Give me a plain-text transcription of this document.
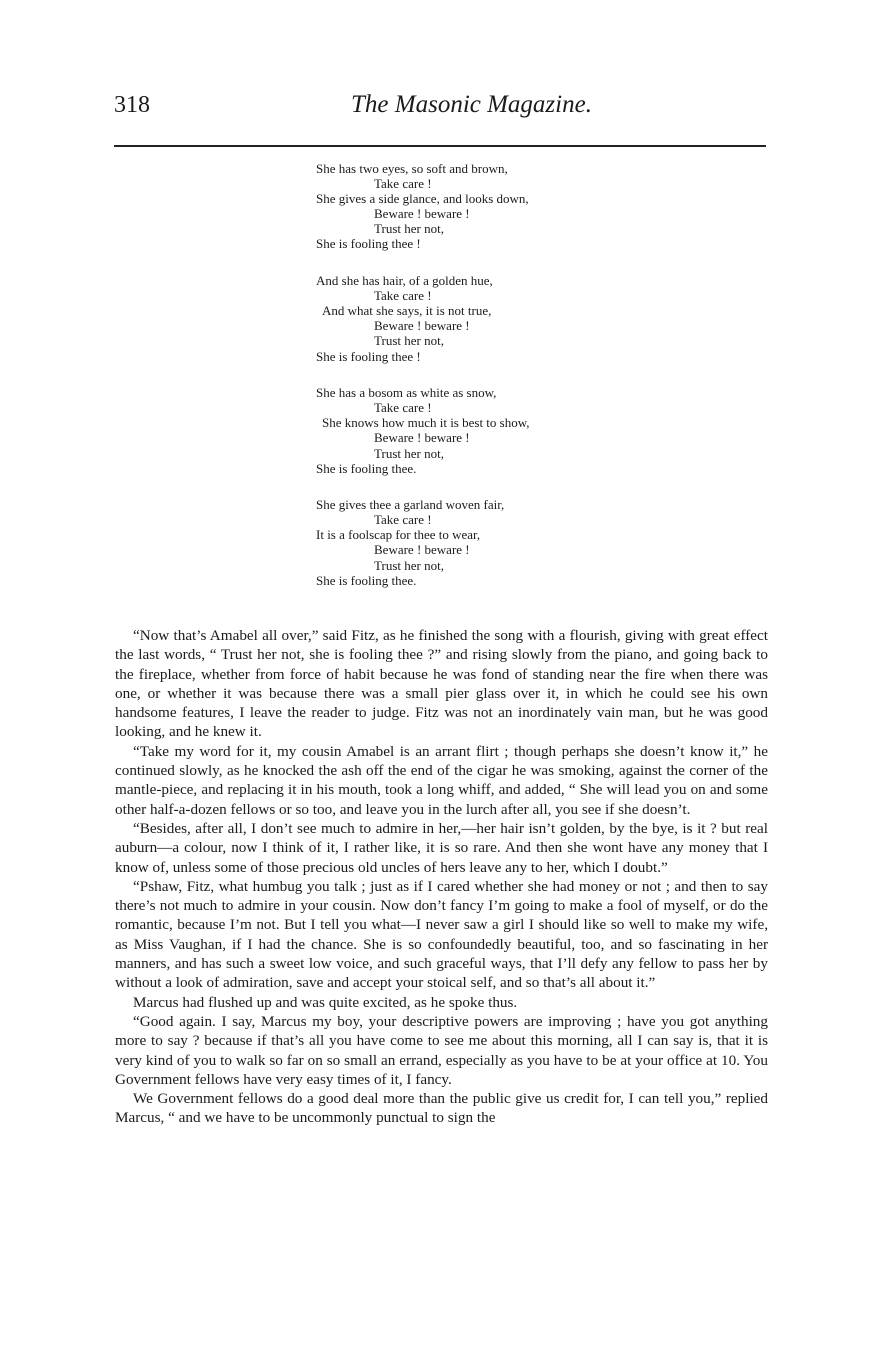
318	The Masonic Magazine.
She has two eyes, so soft and brown,
Take care !
She gives a side glance, and looks down,
Beware ! beware !
Trust her not,
She is fooling thee !
And she has hair, of a golden hue,
Take care !
And what she says, it is not true,
Beware ! beware !
Trust her not,
She is fooling thee !
She has a bosom as white as snow,
Take care !
She knows how much it is best to show,
Beware ! beware !
Trust her not,
She is fooling thee.
She gives thee a garland woven fair,
Take care !
It is a foolscap for thee to wear,
Beware ! beware !
Trust her not,
She is fooling thee.

“Now that’s Amabel all over,” said Fitz, as he finished the song with a flourish, giving with great effect the last words, “ Trust her not, she is fooling thee ?” and rising slowly from the piano, and going back to the fireplace, whether from force of habit because he was fond of standing near the fire when there was one, or whether it was because there was a small pier glass over it, in which he could see his own handsome features, I leave the reader to judge. Fitz was not an inordinately vain man, but he was good looking, and he knew it.

“Take my word for it, my cousin Amabel is an arrant flirt ; though perhaps she doesn’t know it,” he continued slowly, as he knocked the ash off the end of the cigar he was smoking, against the corner of the mantle-piece, and replacing it in his mouth, took a long whiff, and added, “ She will lead you on and some other half-a-dozen fellows or so too, and leave you in the lurch after all, you see if she doesn’t.

“Besides, after all, I don’t see much to admire in her,—her hair isn’t golden, by the bye, is it ? but real auburn—a colour, now I think of it, I rather like, it is so rare. And then she wont have any money that I know of, unless some of those precious old uncles of hers leave any to her, which I doubt.”

“Pshaw, Fitz, what humbug you talk ; just as if I cared whether she had money or not ; and then to say there’s not much to admire in your cousin. Now don’t fancy I’m going to make a fool of myself, or do the romantic, because I’m not. But I tell you what—I never saw a girl I should like so well to make my wife, as Miss Vaughan, if I had the chance. She is so confoundedly beautiful, too, and so fascinating in her manners, and has such a sweet low voice, and such graceful ways, that I’ll defy any fellow to pass her by without a look of admiration, save and accept your stoical self, and so that’s all about it.”

Marcus had flushed up and was quite excited, as he spoke thus.

“Good again. I say, Marcus my boy, your descriptive powers are improving ; have you got anything more to say ? because if that’s all you have come to see me about this morning, all I can say is, that it is very kind of you to walk so far on so small an errand, especially as you have to be at your office at 10. You Government fellows have very easy times of it, I fancy.

We Government fellows do a good deal more than the public give us credit for, I can tell you,” replied Marcus, “ and we have to be uncommonly punctual to sign the
